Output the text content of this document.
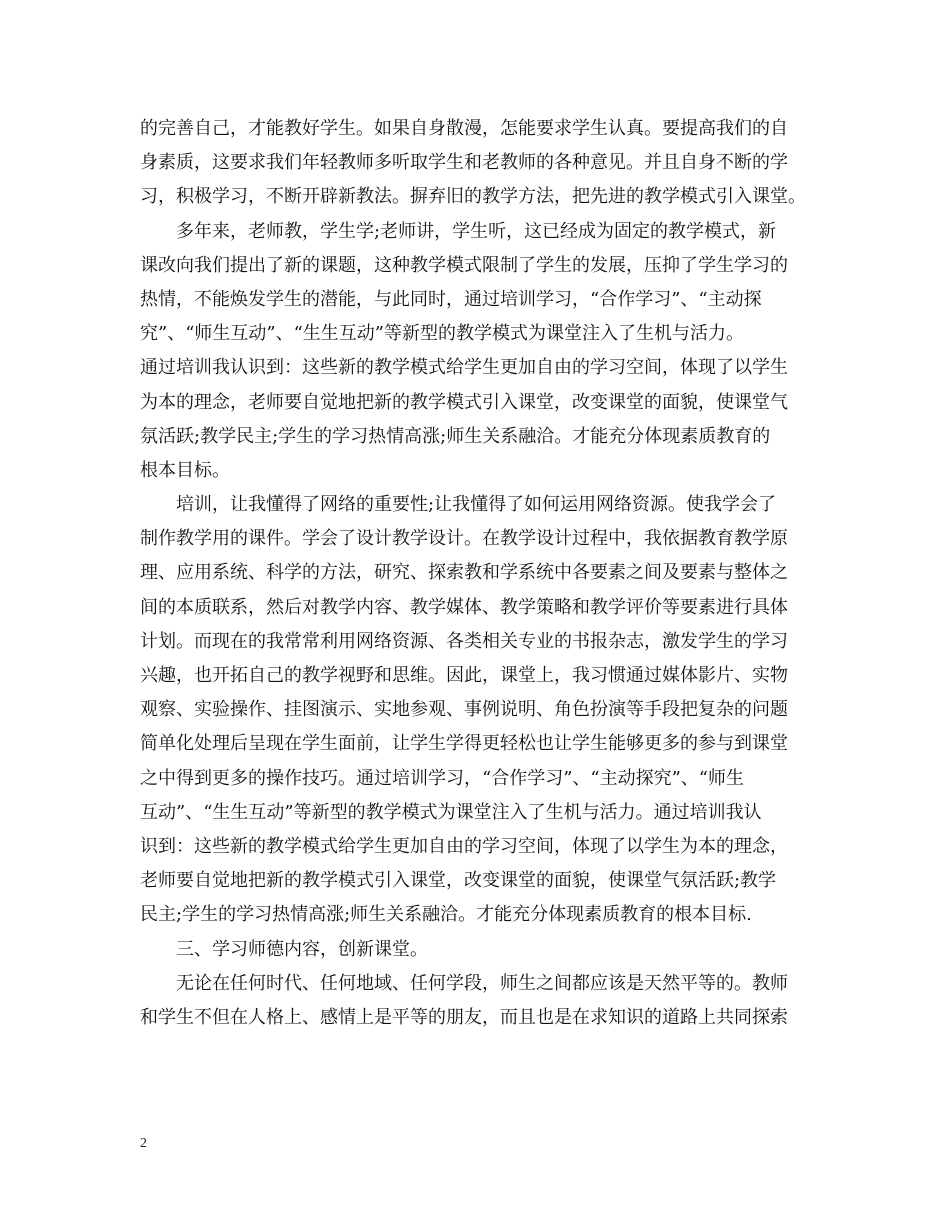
的完善自己，才能教好学生。如果自身散漫，怎能要求学生认真。要提高我们的自
身素质，这要求我们年轻教师多听取学生和老教师的各种意见。并且自身不断的学
习，积极学习，不断开辟新教法。摒弃旧的教学方法，把先进的教学模式引入课堂。
多年来，老师教，学生学;老师讲，学生听，这已经成为固定的教学模式，新
课改向我们提出了新的课题，这种教学模式限制了学生的发展，压抑了学生学习的
热情，不能焕发学生的潜能，与此同时，通过培训学习，“合作学习”、“主动探
究”、“师生互动”、“生生互动”等新型的教学模式为课堂注入了生机与活力。
通过培训我认识到：这些新的教学模式给学生更加自由的学习空间，体现了以学生
为本的理念，老师要自觉地把新的教学模式引入课堂，改变课堂的面貌，使课堂气
氛活跃;教学民主;学生的学习热情高涨;师生关系融洽。才能充分体现素质教育的
根本目标。
培训，让我懂得了网络的重要性;让我懂得了如何运用网络资源。使我学会了
制作教学用的课件。学会了设计教学设计。在教学设计过程中，我依据教育教学原
理、应用系统、科学的方法，研究、探索教和学系统中各要素之间及要素与整体之
间的本质联系，然后对教学内容、教学媒体、教学策略和教学评价等要素进行具体
计划。而现在的我常常利用网络资源、各类相关专业的书报杂志，激发学生的学习
兴趣，也开拓自己的教学视野和思维。因此，课堂上，我习惯通过媒体影片、实物
观察、实验操作、挂图演示、实地参观、事例说明、角色扮演等手段把复杂的问题
简单化处理后呈现在学生面前，让学生学得更轻松也让学生能够更多的参与到课堂
之中得到更多的操作技巧。通过培训学习，“合作学习”、“主动探究”、“师生
互动”、“生生互动”等新型的教学模式为课堂注入了生机与活力。通过培训我认
识到：这些新的教学模式给学生更加自由的学习空间，体现了以学生为本的理念，
老师要自觉地把新的教学模式引入课堂，改变课堂的面貌，使课堂气氛活跃;教学
民主;学生的学习热情高涨;师生关系融洽。才能充分体现素质教育的根本目标.
三、学习师德内容，创新课堂。
无论在任何时代、任何地域、任何学段，师生之间都应该是天然平等的。教师
和学生不但在人格上、感情上是平等的朋友，而且也是在求知识的道路上共同探索
2
